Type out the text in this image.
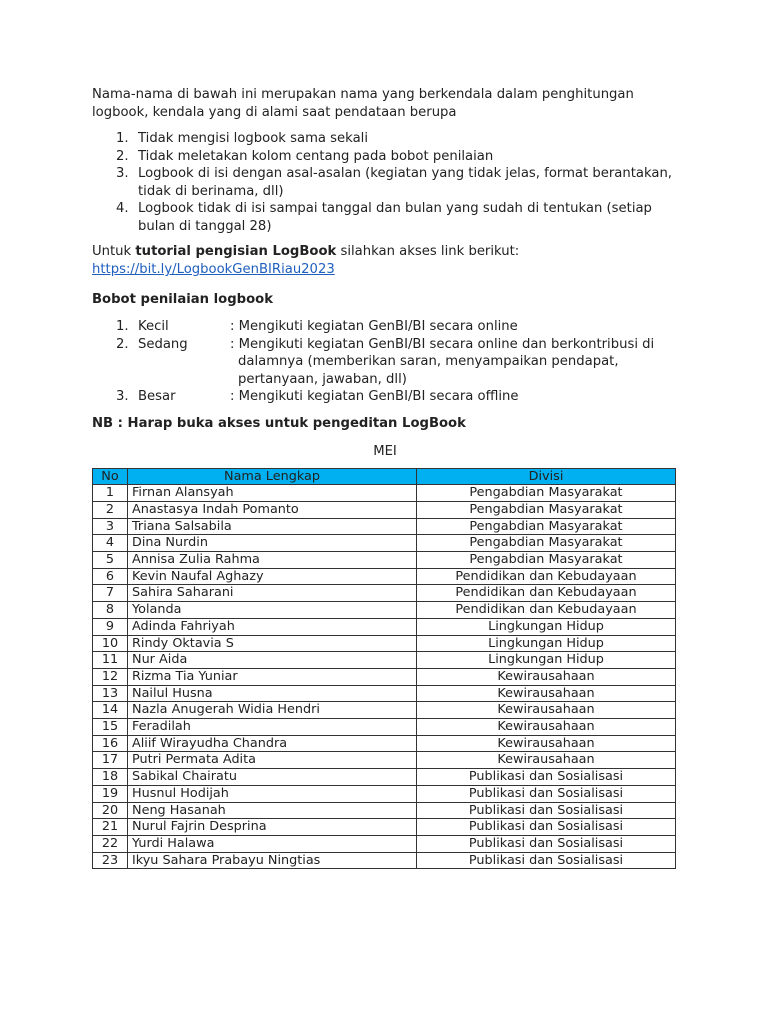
Nama-nama di bawah ini merupakan nama yang berkendala dalam penghitungan logbook, kendala yang di alami saat pendataan berupa

1. Tidak mengisi logbook sama sekali
2. Tidak meletakan kolom centang pada bobot penilaian
3. Logbook di isi dengan asal-asalan (kegiatan yang tidak jelas, format berantakan, tidak di berinama, dll)
4. Logbook tidak di isi sampai tanggal dan bulan yang sudah di tentukan (setiap bulan di tanggal 28)

Untuk tutorial pengisian LogBook silahkan akses link berikut:
https://bit.ly/LogbookGenBIRiau2023

Bobot penilaian logbook

1. Kecil	: Mengikuti kegiatan GenBI/BI secara online
2. Sedang	: Mengikuti kegiatan GenBI/BI secara online dan berkontribusi di dalamnya (memberikan saran, menyampaikan pendapat, pertanyaan, jawaban, dll)
3. Besar	: Mengikuti kegiatan GenBI/BI secara offline

NB : Harap buka akses untuk pengeditan LogBook

MEI

No	Nama Lengkap	Divisi
1	Firnan Alansyah	Pengabdian Masyarakat
2	Anastasya Indah Pomanto	Pengabdian Masyarakat
3	Triana Salsabila	Pengabdian Masyarakat
4	Dina Nurdin	Pengabdian Masyarakat
5	Annisa Zulia Rahma	Pengabdian Masyarakat
6	Kevin Naufal Aghazy	Pendidikan dan Kebudayaan
7	Sahira Saharani	Pendidikan dan Kebudayaan
8	Yolanda	Pendidikan dan Kebudayaan
9	Adinda Fahriyah	Lingkungan Hidup
10	Rindy Oktavia S	Lingkungan Hidup
11	Nur Aida	Lingkungan Hidup
12	Rizma Tia Yuniar	Kewirausahaan
13	Nailul Husna	Kewirausahaan
14	Nazla Anugerah Widia Hendri	Kewirausahaan
15	Feradilah	Kewirausahaan
16	Aliif Wirayudha Chandra	Kewirausahaan
17	Putri Permata Adita	Kewirausahaan
18	Sabikal Chairatu	Publikasi dan Sosialisasi
19	Husnul Hodijah	Publikasi dan Sosialisasi
20	Neng Hasanah	Publikasi dan Sosialisasi
21	Nurul Fajrin Desprina	Publikasi dan Sosialisasi
22	Yurdi Halawa	Publikasi dan Sosialisasi
23	Ikyu Sahara Prabayu Ningtias	Publikasi dan Sosialisasi
